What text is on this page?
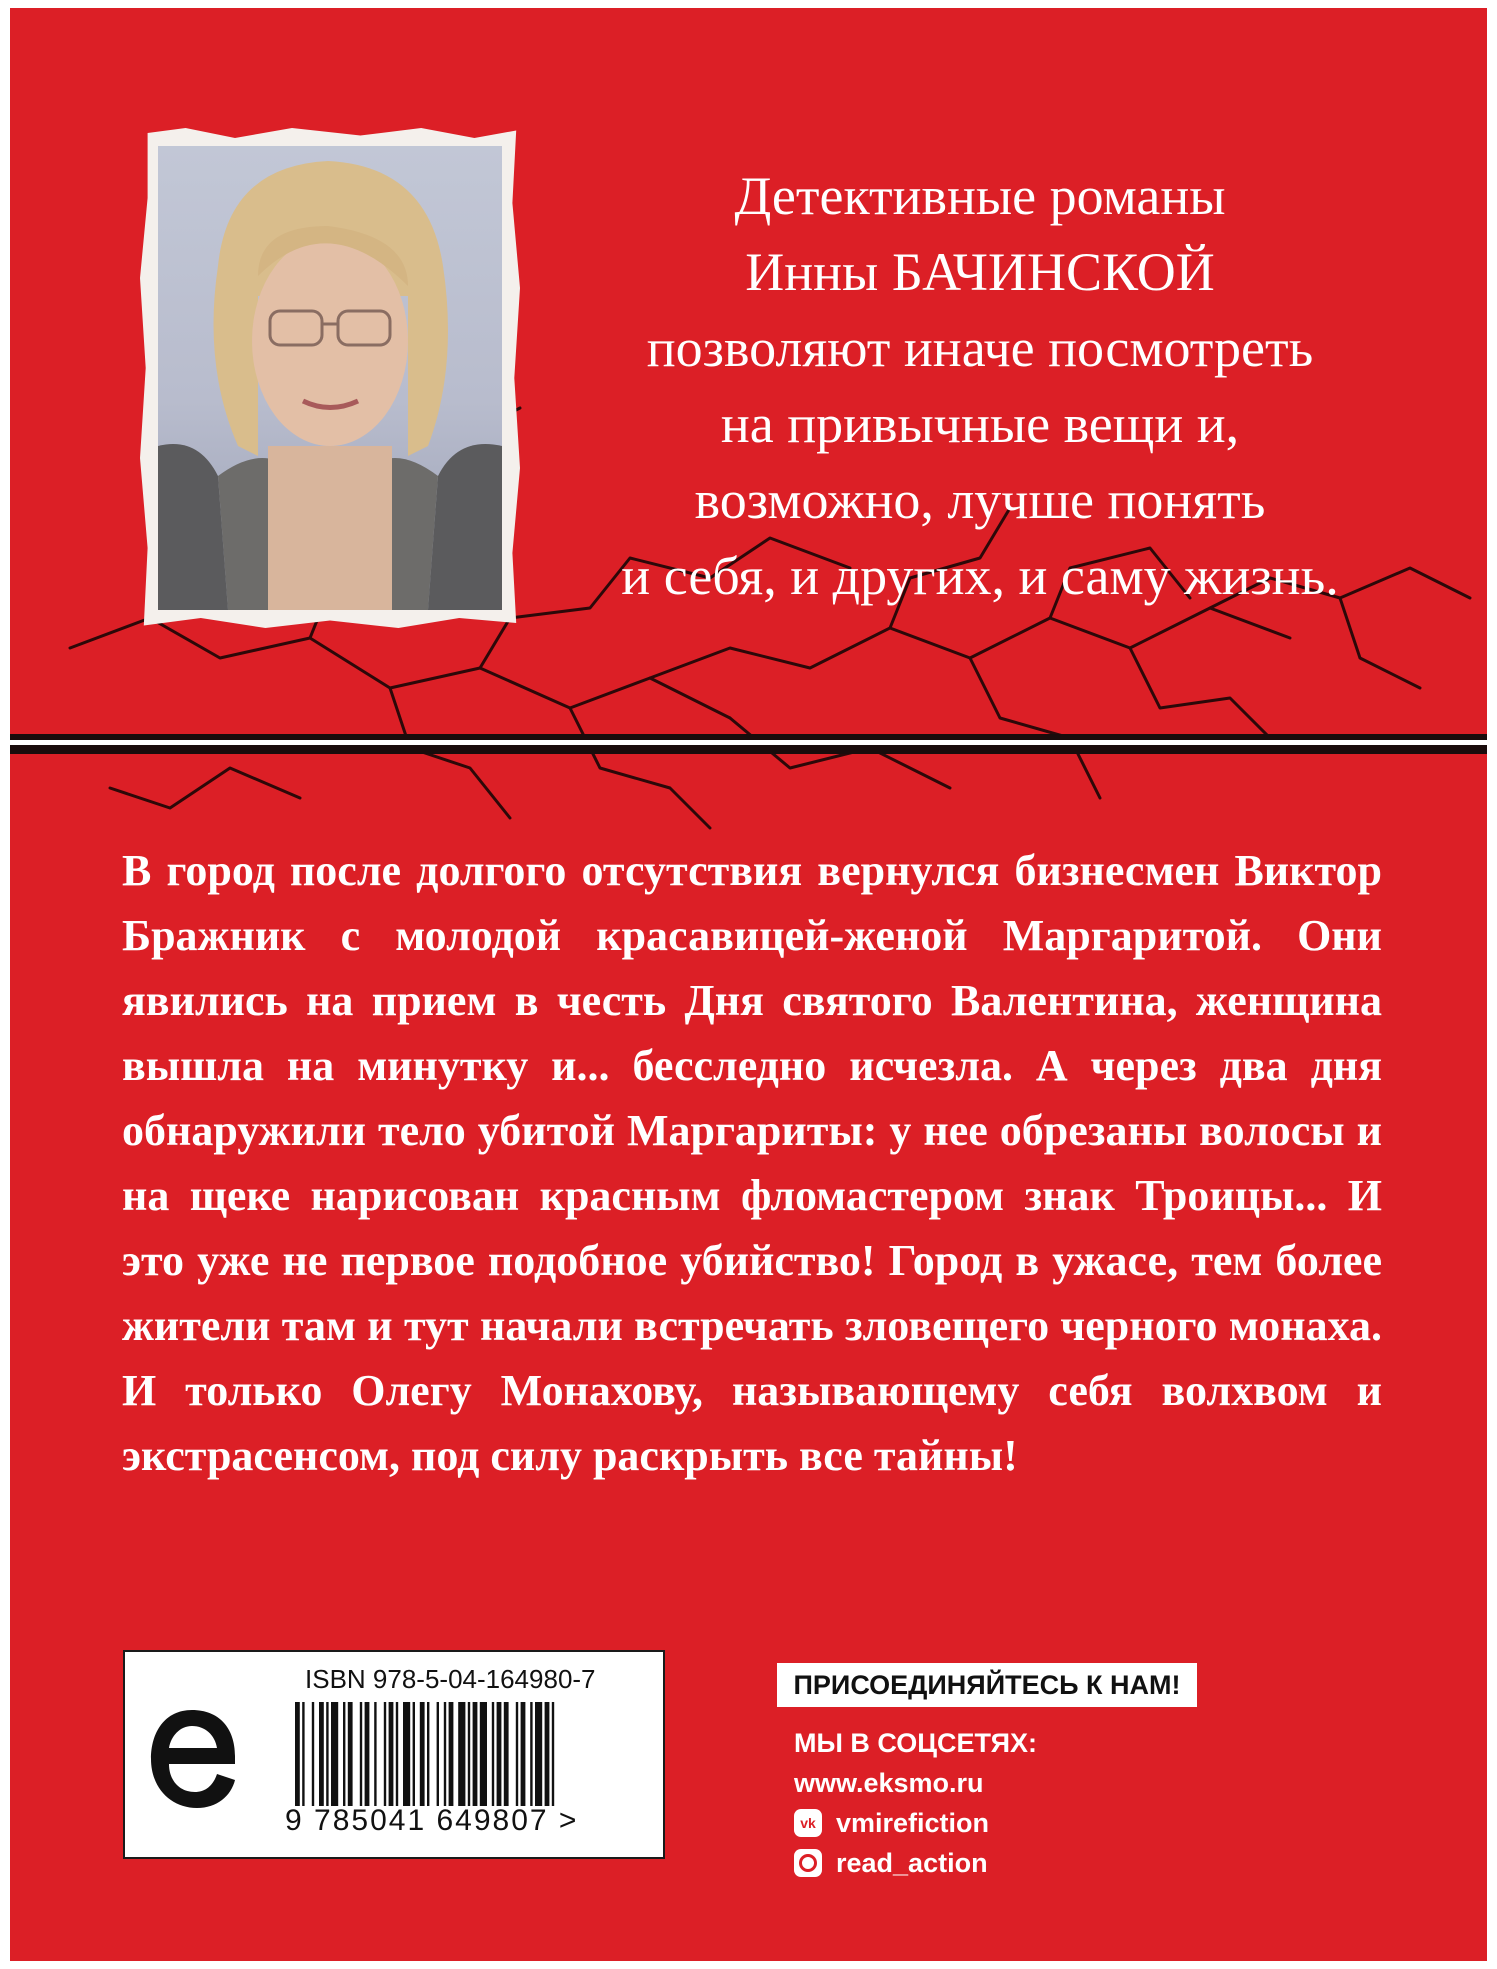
Детективные романы
Инны БАЧИНСКОЙ
позволяют иначе посмотреть
на привычные вещи и,
возможно, лучше понять
и себя, и других, и саму жизнь.
В город после долгого отсутствия вернулся бизнесмен Виктор Бражник с молодой красавицей-женой Маргаритой. Они явились на прием в честь Дня святого Валентина, женщина вышла на минутку и... бесследно исчезла. А через два дня обнаружили тело убитой Маргариты: у нее обрезаны волосы и на щеке нарисован красным фломастером знак Троицы... И это уже не первое подобное убийство! Город в ужасе, тем более жители там и тут начали встречать зловещего черного монаха. И только Олегу Монахову, называющему себя волхвом и экстрасенсом, под силу раскрыть все тайны!
ISBN 978-5-04-164980-7
9 785041 649807 >
ПРИСОЕДИНЯЙТЕСЬ К НАМ!
МЫ В СОЦСЕТЯХ:
www.eksmo.ru
vk vmirefiction
read_action
